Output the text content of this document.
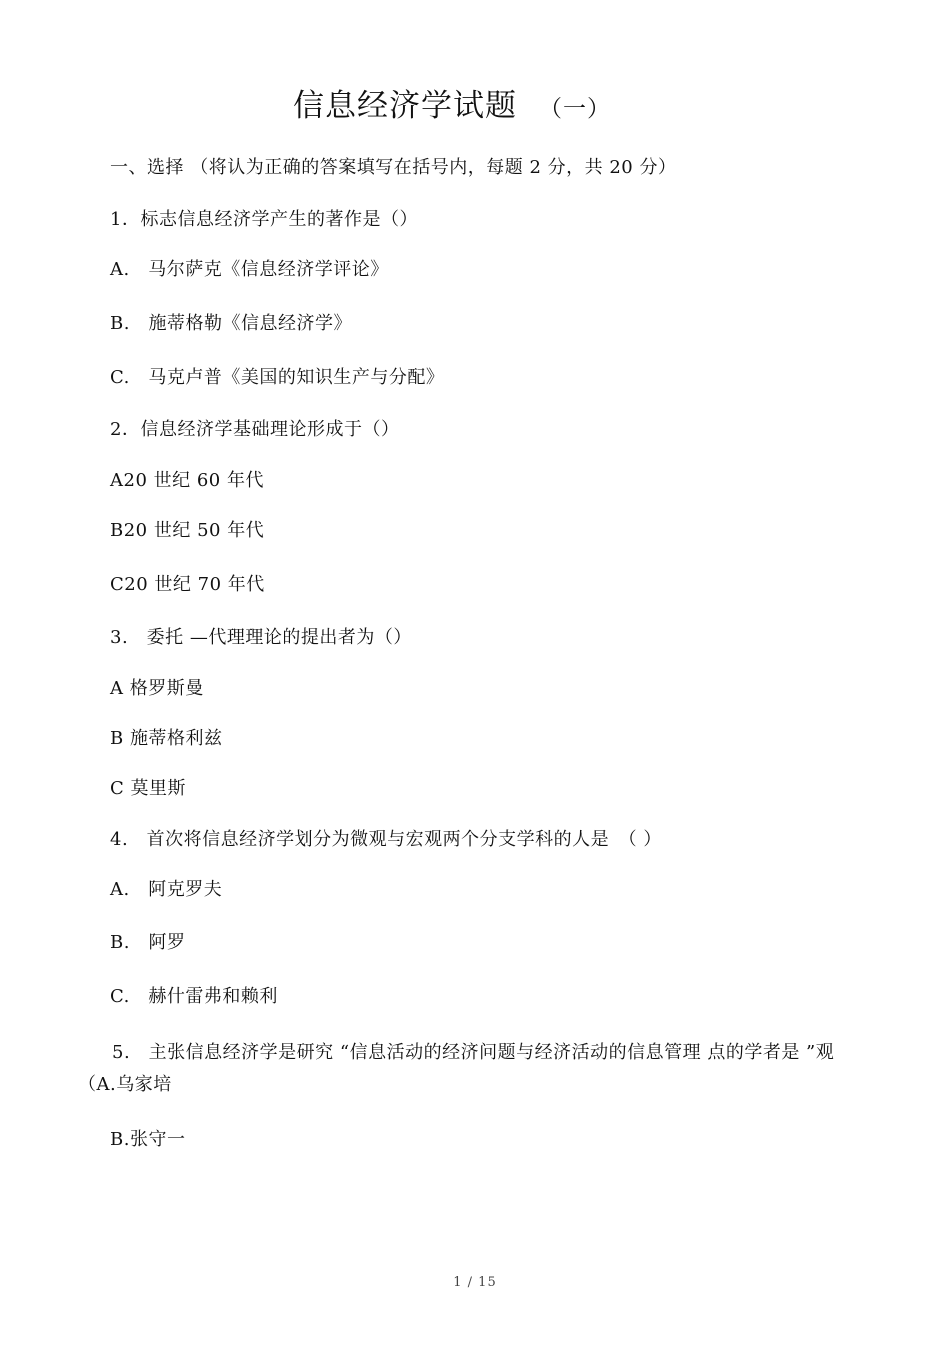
信息经济学试题 （一）
一、选择 （将认为正确的答案填写在括号内，每题 2 分，共 20 分）
1．标志信息经济学产生的著作是（）
A.　马尔萨克《信息经济学评论》
B.　施蒂格勒《信息经济学》
C.　马克卢普《美国的知识生产与分配》
2．信息经济学基础理论形成于（）
A20 世纪 60 年代
B20 世纪 50 年代
C20 世纪 70 年代
3.　委托 —代理理论的提出者为（）
A 格罗斯曼
B 施蒂格利兹
C 莫里斯
4.　首次将信息经济学划分为微观与宏观两个分支学科的人是　（ ）
A.　阿克罗夫
B.　阿罗
C.　赫什雷弗和赖利
5.　主张信息经济学是研究 “信息活动的经济问题与经济活动的信息管理 点的学者是 ”观
（A.乌家培
B.张守一
1 / 15
